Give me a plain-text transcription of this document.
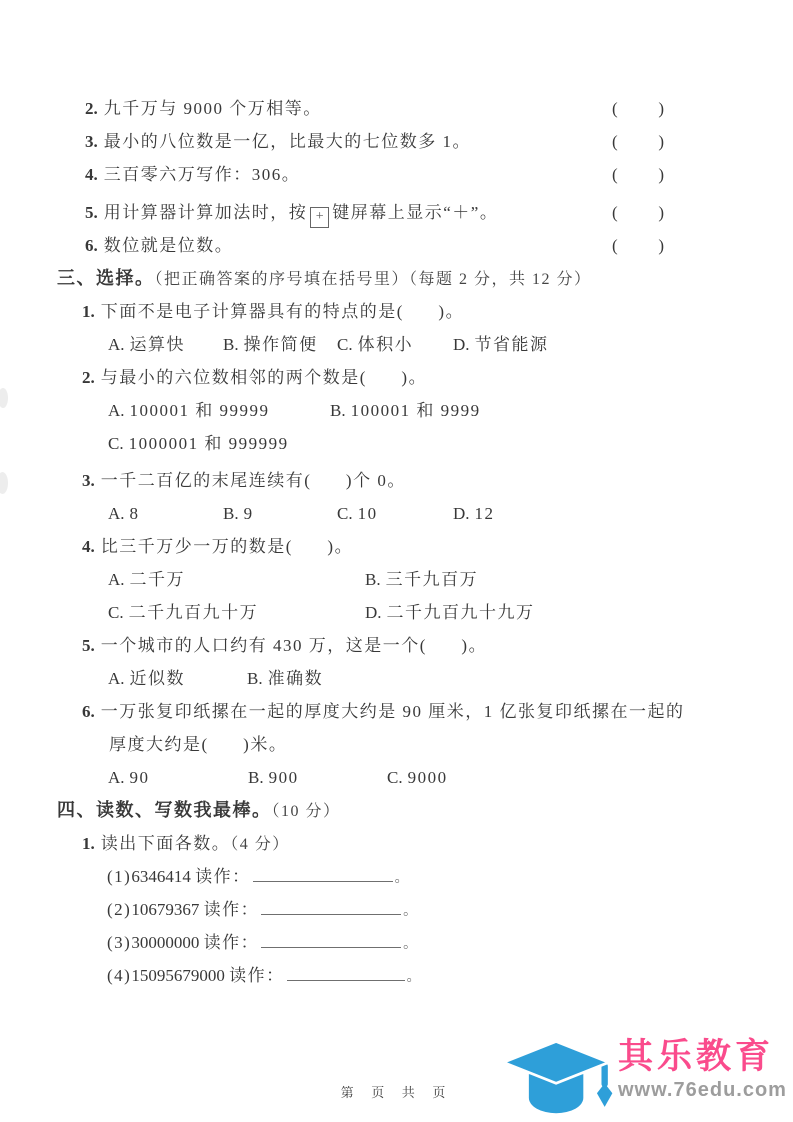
2. 九千万与 9000 个万相等。	( )
3. 最小的八位数是一亿，比最大的七位数多 1。	( )
4. 三百零六万写作：306。	( )
5. 用计算器计算加法时，按 + 键屏幕上显示“＋”。	( )
6. 数位就是位数。	( )
三、选择。（把正确答案的序号填在括号里）（每题 2 分，共 12 分）
1. 下面不是电子计算器具有的特点的是(      )。
A. 运算快 B. 操作简便 C. 体积小 D. 节省能源
2. 与最小的六位数相邻的两个数是(      )。
A. 100001 和 99999	B. 100001 和 9999
C. 1000001 和 999999
3. 一千二百亿的末尾连续有(      )个 0。
A. 8	B. 9	C. 10	D. 12
4. 比三千万少一万的数是(      )。
A. 二千万	B. 三千九百万
C. 二千九百九十万	D. 二千九百九十九万
5. 一个城市的人口约有 430 万，这是一个(      )。
A. 近似数	B. 准确数
6. 一万张复印纸摞在一起的厚度大约是 90 厘米，1 亿张复印纸摞在一起的
厚度大约是(      )米。
A. 90	B. 900	C. 9000
四、读数、写数我最棒。（10 分）
1. 读出下面各数。（4 分）
(1)6346414 读作：	。
(2)10679367 读作：	。
(3)30000000 读作：	。
(4)15095679000 读作：	。
第 页 共 页
其乐教育
www.76edu.com
